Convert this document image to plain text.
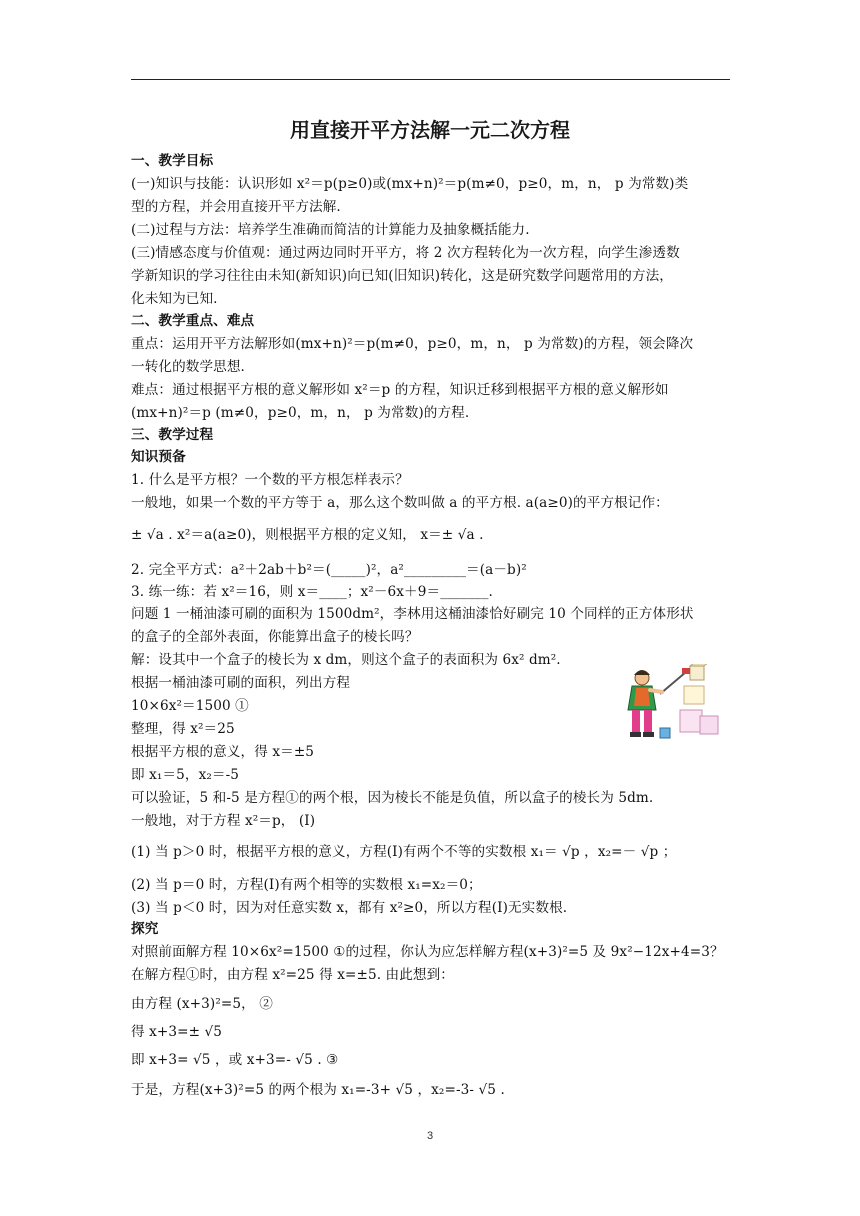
用直接开平方法解一元二次方程
一、教学目标
(一)知识与技能：认识形如 x²＝p(p≥0)或(mx+n)²＝p(m≠0，p≥0，m，n， p 为常数)类
型的方程，并会用直接开平方法解.
(二)过程与方法：培养学生准确而简洁的计算能力及抽象概括能力.
(三)情感态度与价值观：通过两边同时开平方，将 2 次方程转化为一次方程，向学生渗透数
学新知识的学习往往由未知(新知识)向已知(旧知识)转化，这是研究数学问题常用的方法，
化未知为已知.
二、教学重点、难点
重点：运用开平方法解形如(mx+n)²＝p(m≠0，p≥0，m，n， p 为常数)的方程，领会降次
一转化的数学思想.
难点：通过根据平方根的意义解形如 x²＝p 的方程，知识迁移到根据平方根的意义解形如
(mx+n)²＝p (m≠0，p≥0，m，n， p 为常数)的方程.
三、教学过程
知识预备
1. 什么是平方根？一个数的平方根怎样表示？
一般地，如果一个数的平方等于 a，那么这个数叫做 a 的平方根. a(a≥0)的平方根记作：
± √a . x²＝a(a≥0)，则根据平方根的定义知， x＝± √a .
2. 完全平方式：a²＋2ab＋b²＝(_____)²，a²_________＝(a－b)²
3. 练一练：若 x²＝16，则 x＝____；x²－6x＋9＝_______.
问题 1 一桶油漆可刷的面积为 1500dm²，李林用这桶油漆恰好刷完 10 个同样的正方体形状
的盒子的全部外表面，你能算出盒子的棱长吗？
解：设其中一个盒子的棱长为 x dm，则这个盒子的表面积为 6x² dm².
根据一桶油漆可刷的面积，列出方程
10×6x²＝1500 ①
整理，得 x²＝25
根据平方根的意义，得 x＝±5
即 x₁＝5，x₂＝-5
可以验证，5 和-5 是方程①的两个根，因为棱长不能是负值，所以盒子的棱长为 5dm.
一般地，对于方程 x²＝p， (Ⅰ)
(1) 当 p＞0 时，根据平方根的意义，方程(Ⅰ)有两个不等的实数根 x₁＝ √p ，x₂=－ √p ；
(2) 当 p＝0 时，方程(Ⅰ)有两个相等的实数根 x₁=x₂＝0；
(3) 当 p＜0 时，因为对任意实数 x，都有 x²≥0，所以方程(Ⅰ)无实数根.
探究
对照前面解方程 10×6x²=1500 ①的过程，你认为应怎样解方程(x+3)²=5 及 9x²−12x+4=3？
在解方程①时，由方程 x²=25 得 x=±5. 由此想到：
由方程 (x+3)²=5， ②
得 x+3=± √5
即 x+3= √5 ，或 x+3=- √5 . ③
于是，方程(x+3)²=5 的两个根为 x₁=-3+ √5 ，x₂=-3- √5 .
3
